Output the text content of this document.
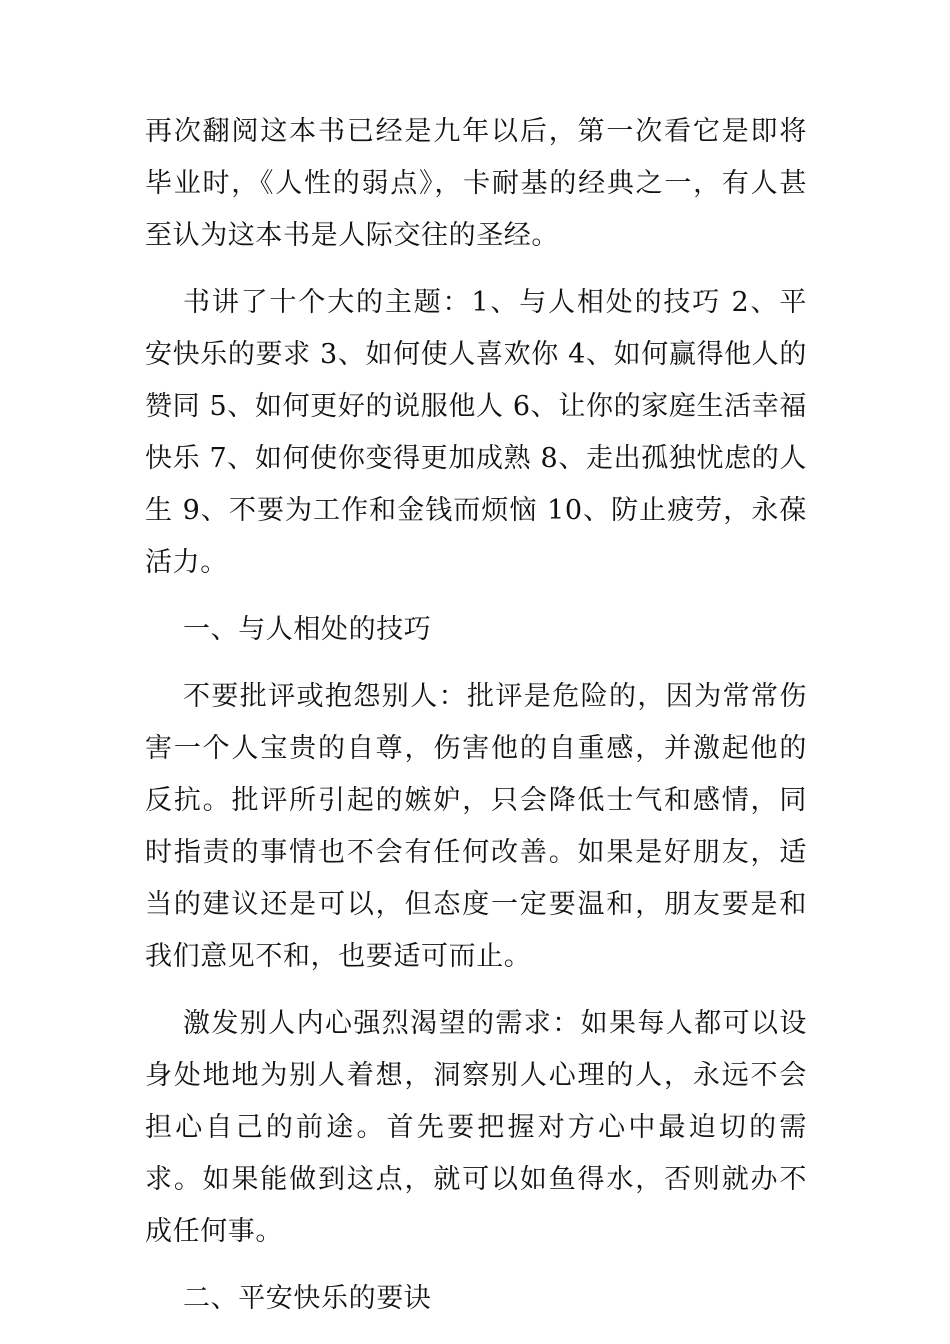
再次翻阅这本书已经是九年以后，第一次看它是即将毕业时，《人性的弱点》，卡耐基的经典之一，有人甚至认为这本书是人际交往的圣经。

书讲了十个大的主题：1、与人相处的技巧 2、平安快乐的要求 3、如何使人喜欢你 4、如何赢得他人的赞同 5、如何更好的说服他人 6、让你的家庭生活幸福快乐 7、如何使你变得更加成熟 8、走出孤独忧虑的人生 9、不要为工作和金钱而烦恼 10、防止疲劳，永葆活力。

一、与人相处的技巧

不要批评或抱怨别人：批评是危险的，因为常常伤害一个人宝贵的自尊，伤害他的自重感，并激起他的反抗。批评所引起的嫉妒，只会降低士气和感情，同时指责的事情也不会有任何改善。如果是好朋友，适当的建议还是可以，但态度一定要温和，朋友要是和我们意见不和，也要适可而止。

激发别人内心强烈渴望的需求：如果每人都可以设身处地地为别人着想，洞察别人心理的人，永远不会担心自己的前途。首先要把握对方心中最迫切的需求。如果能做到这点，就可以如鱼得水，否则就办不成任何事。

二、平安快乐的要诀
